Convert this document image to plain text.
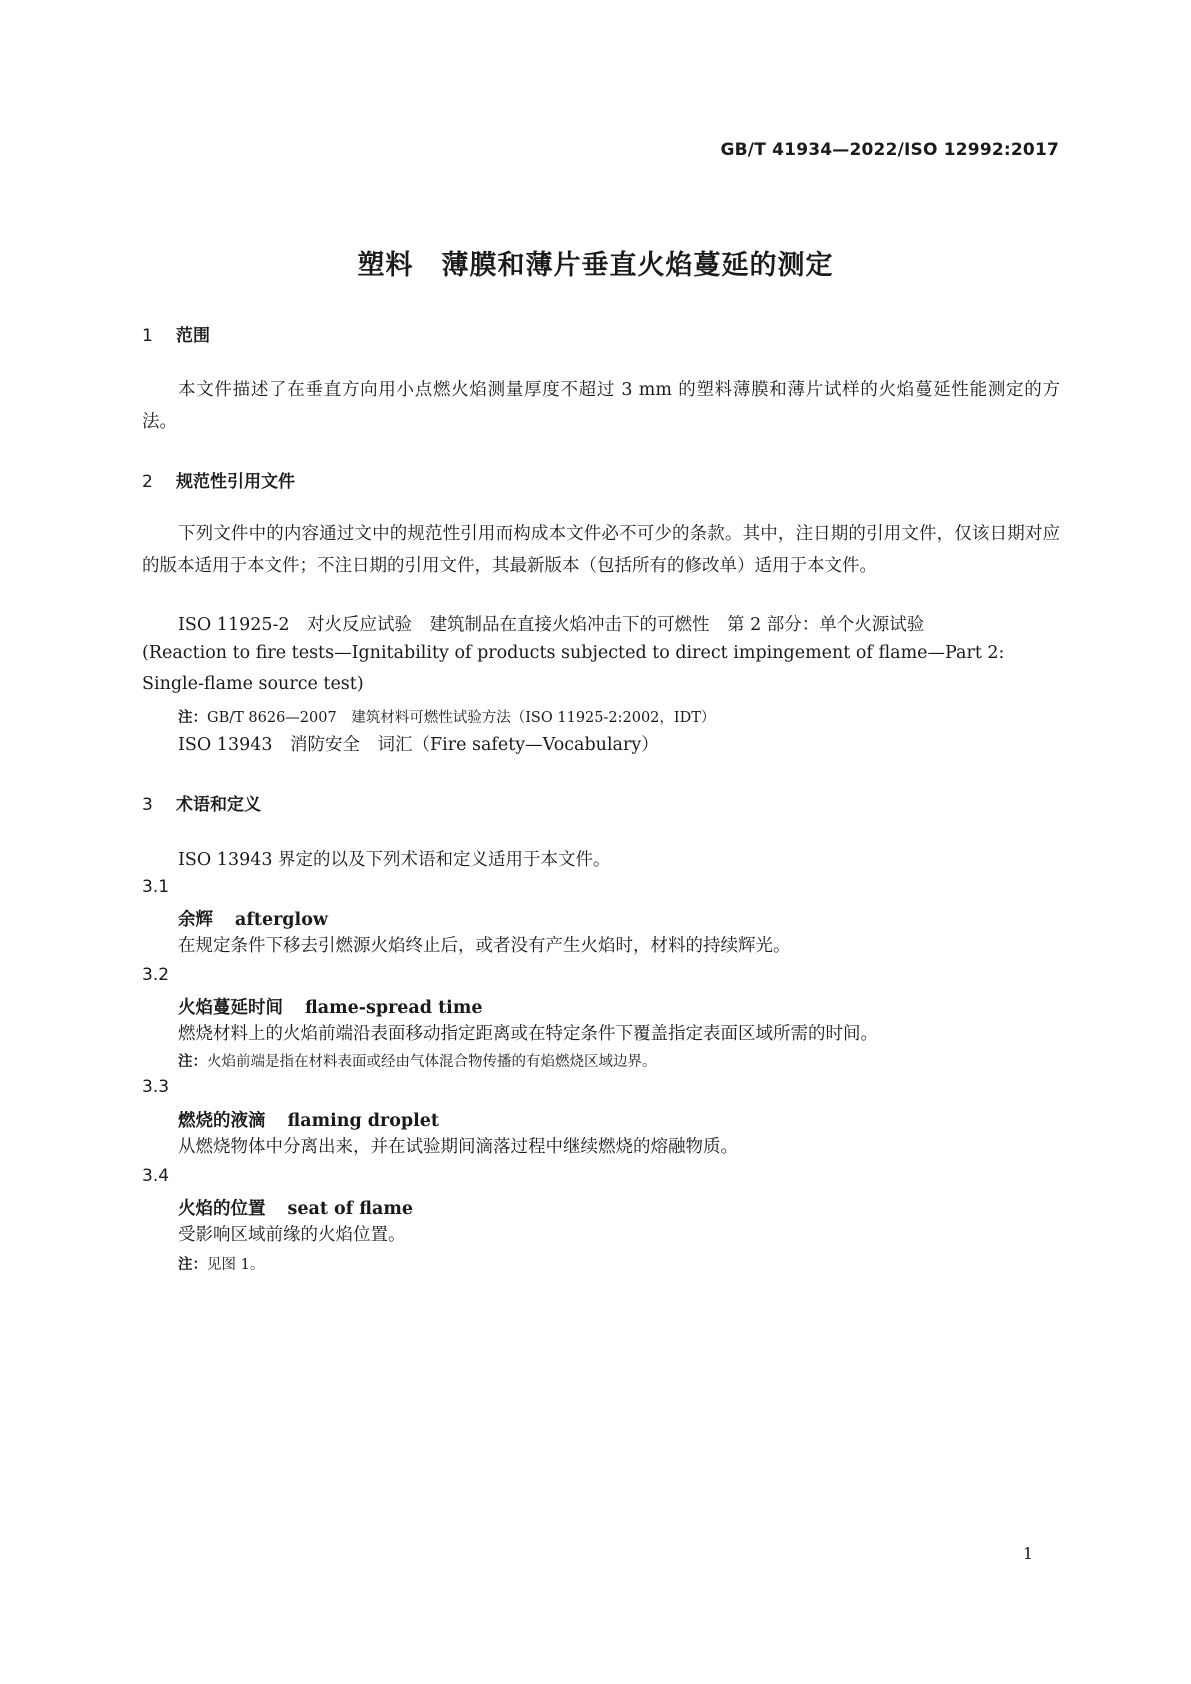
GB/T 41934—2022/ISO 12992:2017
塑料　薄膜和薄片垂直火焰蔓延的测定
1 范围

本文件描述了在垂直方向用小点燃火焰测量厚度不超过 3 mm 的塑料薄膜和薄片试样的火焰蔓延性能测定的方法。

2 规范性引用文件

下列文件中的内容通过文中的规范性引用而构成本文件必不可少的条款。其中，注日期的引用文件，仅该日期对应的版本适用于本文件；不注日期的引用文件，其最新版本（包括所有的修改单）适用于本文件。

ISO 11925-2　对火反应试验　建筑制品在直接火焰冲击下的可燃性　第 2 部分：单个火源试验
(Reaction to fire tests—Ignitability of products subjected to direct impingement of flame—Part 2:
Single-flame source test)
注：GB/T 8626—2007　建筑材料可燃性试验方法（ISO 11925-2:2002，IDT）
ISO 13943　消防安全　词汇（Fire safety—Vocabulary）
3 术语和定义
ISO 13943 界定的以及下列术语和定义适用于本文件。
3.1
余辉 afterglow
在规定条件下移去引燃源火焰终止后，或者没有产生火焰时，材料的持续辉光。
3.2
火焰蔓延时间 flame-spread time
燃烧材料上的火焰前端沿表面移动指定距离或在特定条件下覆盖指定表面区域所需的时间。
注：火焰前端是指在材料表面或经由气体混合物传播的有焰燃烧区域边界。
3.3
燃烧的液滴 flaming droplet
从燃烧物体中分离出来，并在试验期间滴落过程中继续燃烧的熔融物质。
3.4
火焰的位置 seat of flame
受影响区域前缘的火焰位置。
注：见图 1。
1
